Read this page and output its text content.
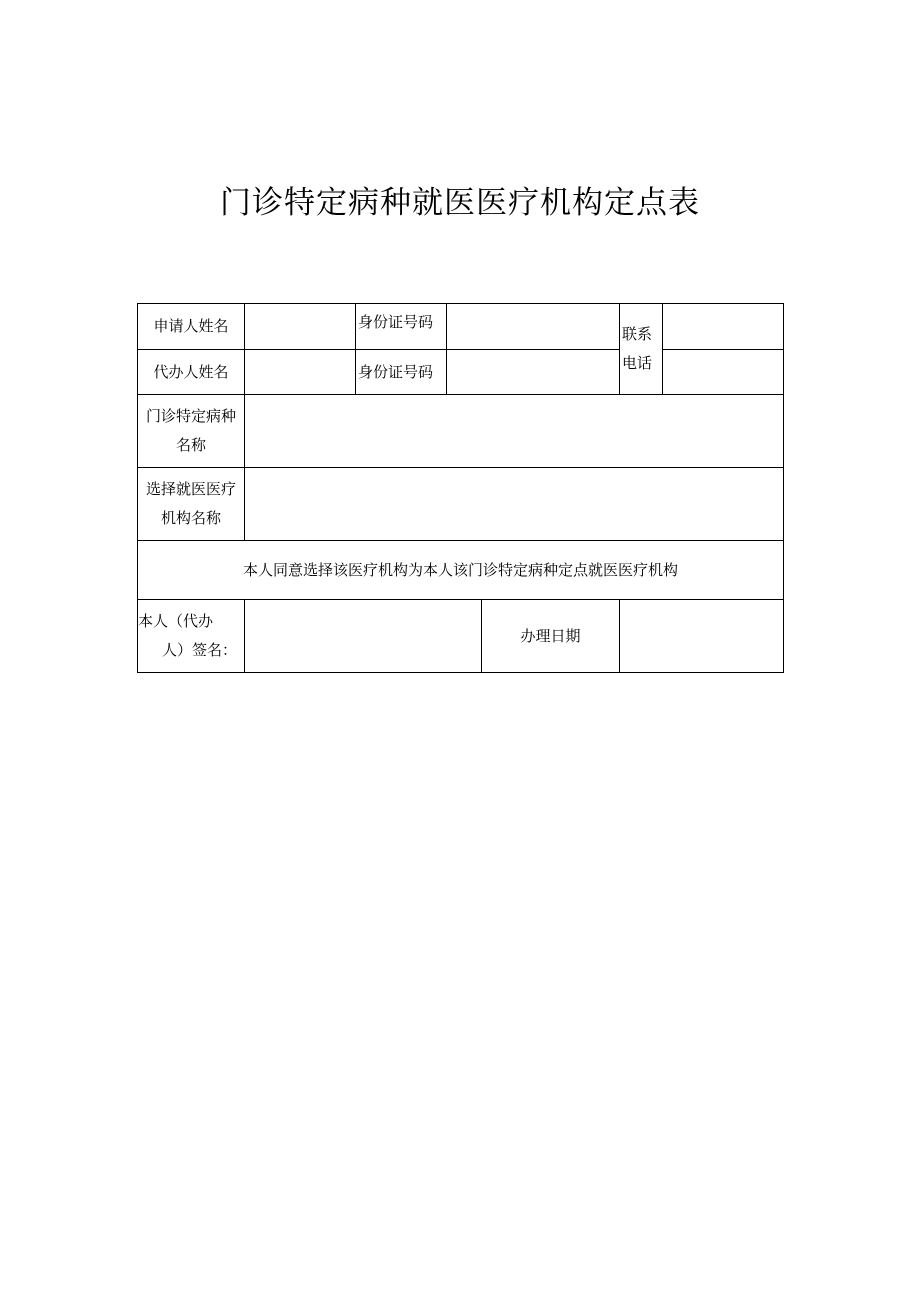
门诊特定病种就医医疗机构定点表
申请人姓名		身份证号码			联系
电话	

代办人姓名		身份证号码				

门诊特定病种
名称						

选择就医医疗
机构名称						

本人同意选择该医疗机构为本人该门诊特定病种定点就医医疗机构						

本人（代办
人）签名：				办理日期		
